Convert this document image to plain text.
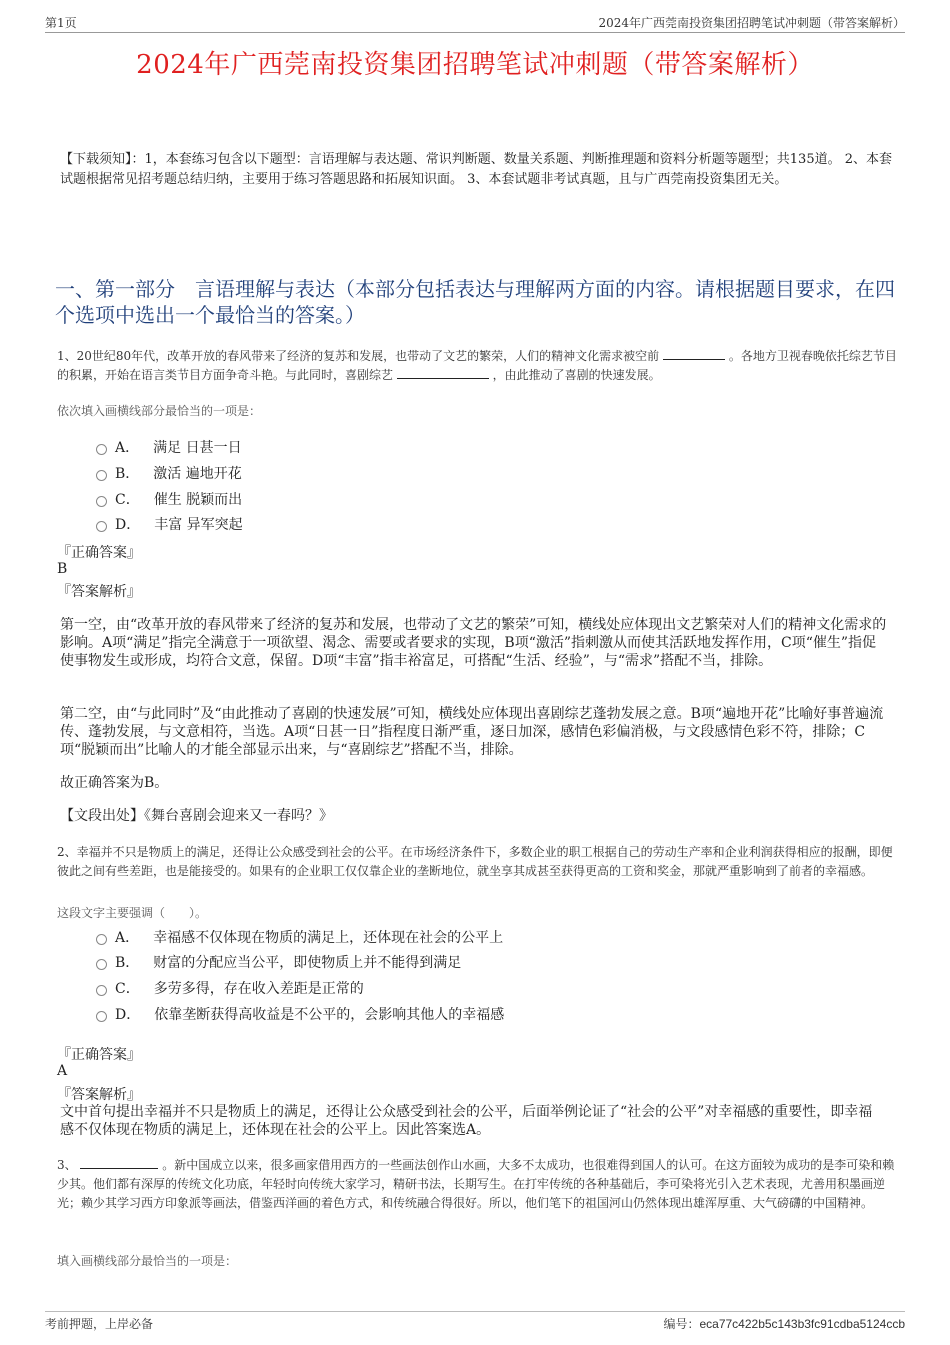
第1页	2024年广西莞南投资集团招聘笔试冲刺题（带答案解析）
2024年广西莞南投资集团招聘笔试冲刺题（带答案解析）
【下载须知】：1，本套练习包含以下题型：言语理解与表达题、常识判断题、数量关系题、判断推理题和资料分析题等题型；共135道。 2、本套试题根据常见招考题总结归纳，主要用于练习答题思路和拓展知识面。 3、本套试题非考试真题，且与广西莞南投资集团无关。
一、第一部分　言语理解与表达（本部分包括表达与理解两方面的内容。请根据题目要求，在四个选项中选出一个最恰当的答案。）
1、20世纪80年代，改革开放的春风带来了经济的复苏和发展，也带动了文艺的繁荣，人们的精神文化需求被空前	。各地方卫视春晚依托综艺节目的积累，开始在语言类节目方面争奇斗艳。与此同时，喜剧综艺	，由此推动了喜剧的快速发展。
依次填入画横线部分最恰当的一项是：
A． 满足 日甚一日
B． 激活 遍地开花
C． 催生 脱颖而出
D． 丰富 异军突起
『正确答案』
B
『答案解析』
第一空，由“改革开放的春风带来了经济的复苏和发展，也带动了文艺的繁荣”可知，横线处应体现出文艺繁荣对人们的精神文化需求的影响。A项“满足”指完全满意于一项欲望、渴念、需要或者要求的实现，B项“激活”指刺激从而使其活跃地发挥作用，C项“催生”指促使事物发生或形成，均符合文意，保留。D项“丰富”指丰裕富足，可搭配“生活、经验”，与“需求”搭配不当，排除。
第二空，由“与此同时”及“由此推动了喜剧的快速发展”可知，横线处应体现出喜剧综艺蓬勃发展之意。B项“遍地开花”比喻好事普遍流传、蓬勃发展，与文意相符，当选。A项“日甚一日”指程度日渐严重，逐日加深，感情色彩偏消极，与文段感情色彩不符，排除；C项“脱颖而出”比喻人的才能全部显示出来，与“喜剧综艺”搭配不当，排除。
故正确答案为B。
【文段出处】《舞台喜剧会迎来又一春吗？》
2、幸福并不只是物质上的满足，还得让公众感受到社会的公平。在市场经济条件下，多数企业的职工根据自己的劳动生产率和企业利润获得相应的报酬，即便彼此之间有些差距，也是能接受的。如果有的企业职工仅仅靠企业的垄断地位，就坐享其成甚至获得更高的工资和奖金，那就严重影响到了前者的幸福感。
这段文字主要强调（　　）。
A． 幸福感不仅体现在物质的满足上，还体现在社会的公平上
B． 财富的分配应当公平，即使物质上并不能得到满足
C． 多劳多得，存在收入差距是正常的
D． 依靠垄断获得高收益是不公平的，会影响其他人的幸福感
『正确答案』
A
『答案解析』
文中首句提出幸福并不只是物质上的满足，还得让公众感受到社会的公平，后面举例论证了“社会的公平”对幸福感的重要性，即幸福感不仅体现在物质的满足上，还体现在社会的公平上。因此答案选A。
3、	。新中国成立以来，很多画家借用西方的一些画法创作山水画，大多不太成功，也很难得到国人的认可。在这方面较为成功的是李可染和赖少其。他们都有深厚的传统文化功底，年轻时向传统大家学习，精研书法，长期写生。在打牢传统的各种基础后，李可染将光引入艺术表现，尤善用积墨画逆光；赖少其学习西方印象派等画法，借鉴西洋画的着色方式，和传统融合得很好。所以，他们笔下的祖国河山仍然体现出雄浑厚重、大气磅礴的中国精神。
填入画横线部分最恰当的一项是：
考前押题，上岸必备	编号：eca77c422b5c143b3fc91cdba5124ccb
